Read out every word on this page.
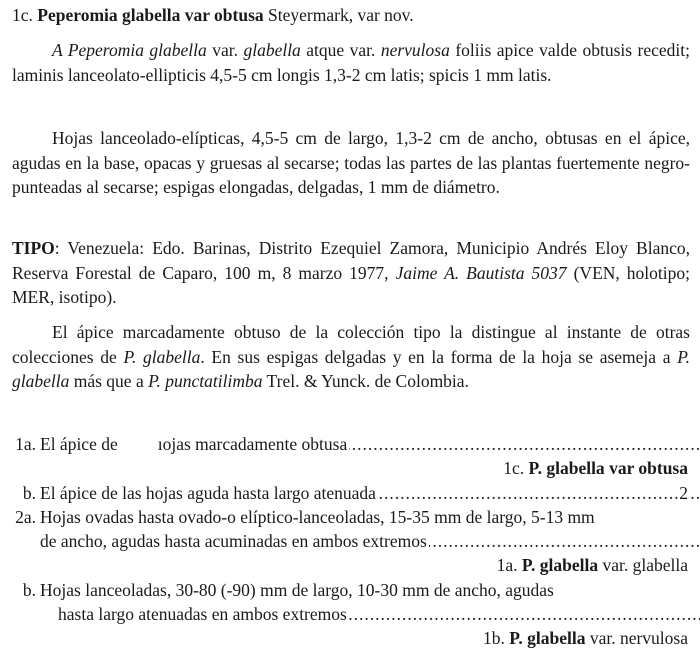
1c. Peperomia glabella var obtusa Steyermark, var nov.
A Peperomia glabella var. glabella atque var. nervulosa foliis apice valde obtusis recedit; laminis lanceolato-ellipticis 4,5-5 cm longis 1,3-2 cm latis; spicis 1 mm latis.
Hojas lanceolado-elípticas, 4,5-5 cm de largo, 1,3-2 cm de ancho, obtusas en el ápice, agudas en la base, opacas y gruesas al secarse; todas las partes de las plantas fuertemente negro-punteadas al secarse; espigas elongadas, delgadas, 1 mm de diámetro.
TIPO: Venezuela: Edo. Barinas, Distrito Ezequiel Zamora, Municipio Andrés Eloy Blanco, Reserva Forestal de Caparo, 100 m, 8 marzo 1977, Jaime A. Bautista 5037 (VEN, holotipo; MER, isotipo).
El ápice marcadamente obtuso de la colección tipo la distingue al instante de otras colecciones de P. glabella. En sus espigas delgadas y en la forma de la hoja se asemeja a P. glabella más que a P. punctatilimba Trel. & Yunck. de Colombia.
1a. El ápice de ıojas marcadamente obtusa .....
1c. P. glabella var obtusa
b. El ápice de las hojas aguda hasta largo atenuada .....	2
2a. Hojas ovadas hasta ovado-o elíptico-lanceoladas, 15-35 mm de largo, 5-13 mm
de ancho, agudas hasta acuminadas en ambos extremos .....
1a. P. glabella var. glabella
b. Hojas lanceoladas, 30-80 (-90) mm de largo, 10-30 mm de ancho, agudas
hasta largo atenuadas en ambos extremos .....
1b. P. glabella var. nervulosa
